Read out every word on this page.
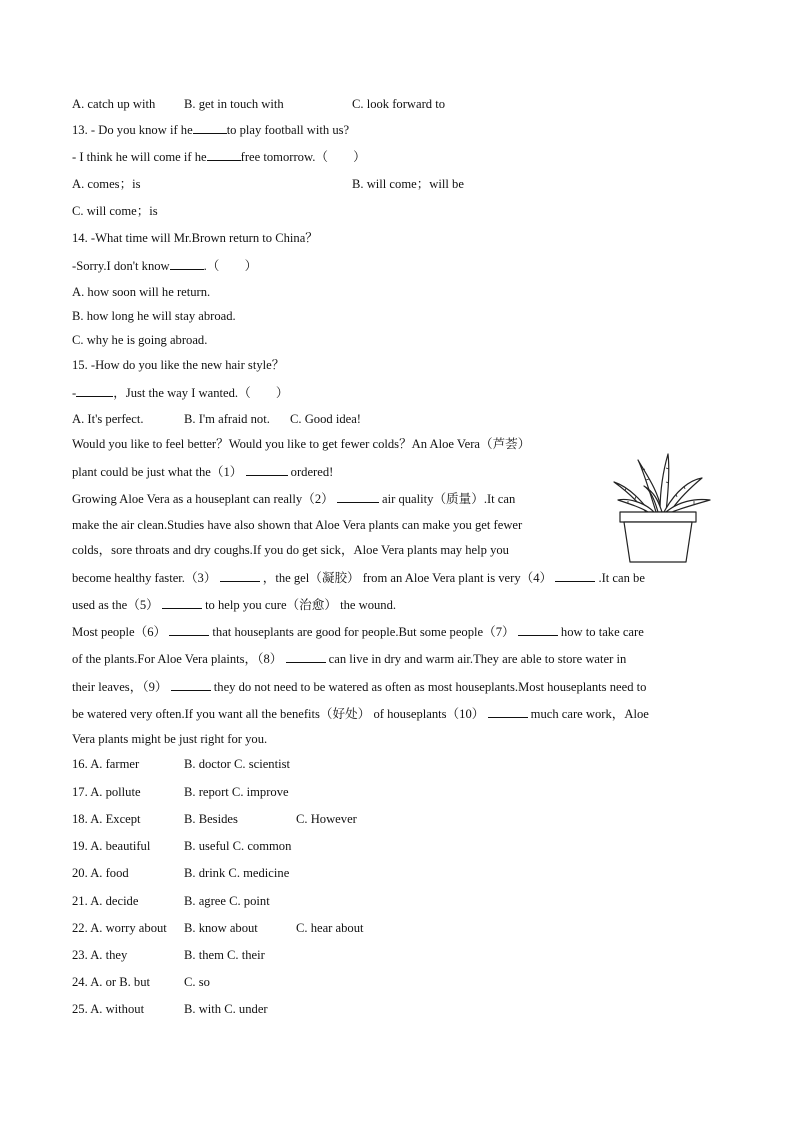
A. catch up with B. get in touch with	C. look forward to
13. - Do you know if he	to play football with us?
- I think he will come if he	free tomorrow.（　　）
A. comes；is	B. will come；will be
C. will come；is
14. -What time will Mr.Brown return to China？
-Sorry.I don't know	.（　　）
A. how soon will he return.
B. how long he will stay abroad.
C. why he is going abroad.
15. -How do you like the new hair style？
-	，Just the way I wanted.（　　）
A. It's perfect.	B. I'm afraid not. C. Good idea!
Would you like to feel better？Would you like to get fewer colds？An Aloe Vera（芦荟）
plant could be just what the（1）	ordered!
Growing Aloe Vera as a houseplant can really（2）	air quality（质量）.It can
make the air clean.Studies have also shown that Aloe Vera plants can make you get fewer
colds，sore throats and dry coughs.If you do get sick，Aloe Vera plants may help you
become healthy faster.（3）	，the gel（凝胶） from an Aloe Vera plant is very（4）	.It can be
used as the（5）	to help you cure（治愈） the wound.
Most people（6）	that houseplants are good for people.But some people（7）	how to take care
of the plants.For Aloe Vera plaints，（8）	can live in dry and warm air.They are able to store water in
their leaves，（9）	they do not need to be watered as often as most houseplants.Most houseplants need to
be watered very often.If you want all the benefits（好处） of houseplants（10）	much care work，Aloe
Vera plants might be just right for you.
16. A. farmer	B. doctor C. scientist
17. A. pollute	B. report C. improve
18. A. Except	B. Besides	C. However
19. A. beautiful	B. useful C. common
20. A. food	B. drink C. medicine
21. A. decide	B. agree C. point
22. A. worry about B. know about	C. hear about
23. A. they	B. them C. their
24. A. or B. but	C. so
25. A. without	B. with C. under
